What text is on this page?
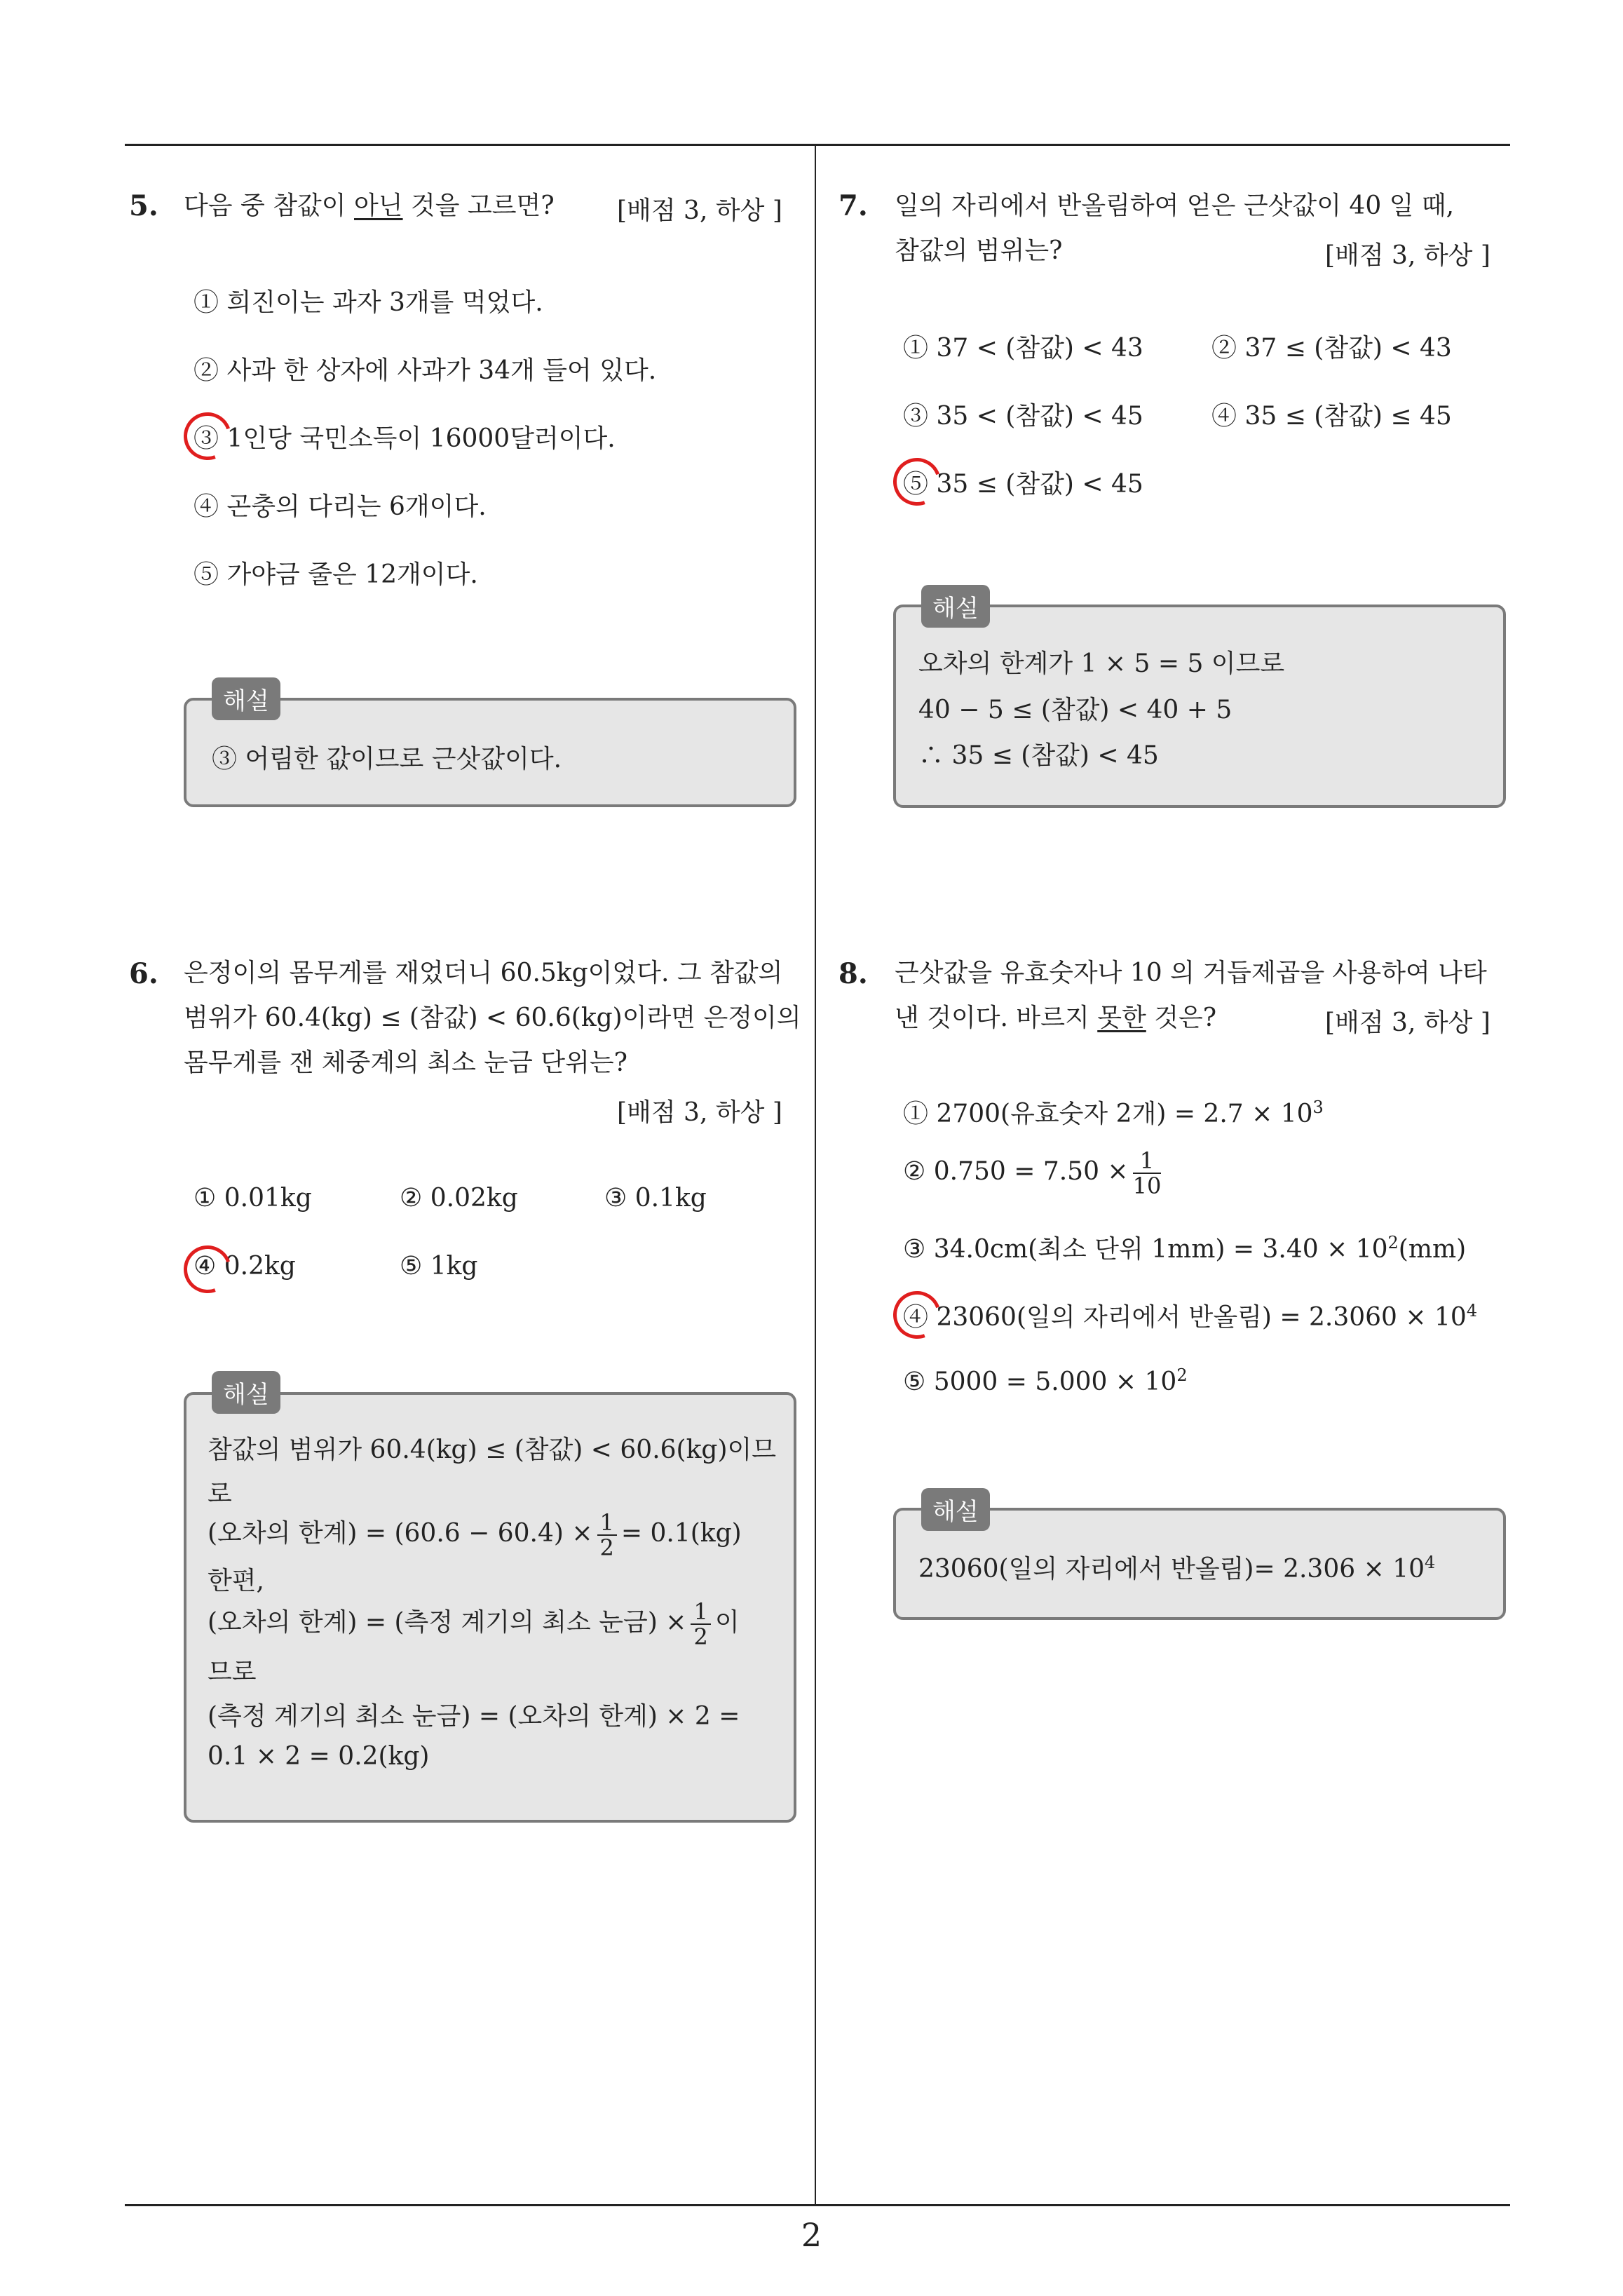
5. 다음 중 참값이 아닌 것을 고르면? [배점 3, 하상 ]
① 희진이는 과자 3개를 먹었다.
② 사과 한 상자에 사과가 34개 들어 있다.
③ 1인당 국민소득이 16000달러이다.
④ 곤충의 다리는 6개이다.
⑤ 가야금 줄은 12개이다.
③ 어림한 값이므로 근삿값이다.
해설
6. 은정이의 몸무게를 재었더니 60.5kg이었다. 그 참값의
범위가 60.4(kg) ≤ (참값) < 60.6(kg)이라면 은정이의
몸무게를 잰 체중계의 최소 눈금 단위는?
[배점 3, 하상 ]
① 0.01kg	② 0.02kg	③ 0.1kg
④ 0.2kg	⑤ 1kg
참값의 범위가 60.4(kg) ≤ (참값) < 60.6(kg)이므
로
(오차의 한계) = $(60.6 - 60.4) \times \frac{1}{2} = 0.1(kg)$
한편,
(오차의 한계) = (측정 계기의 최소 눈금) × $\frac{1}{2}$ 이
므로
(측정 계기의 최소 눈금) = (오차의 한계) × 2 =
0.1 × 2 = 0.2(kg)
해설
7. 일의 자리에서 반올림하여 얻은 근삿값이 40 일 때,
참값의 범위는?	[배점 3, 하상 ]
① 37 < (참값) < 43	② 37 ≤ (참값) < 43
③ 35 < (참값) < 45	④ 35 ≤ (참값) ≤ 45
⑤ 35 ≤ (참값) < 45
오차의 한계가 1 × 5 = 5 이므로
40 − 5 ≤ (참값) < 40 + 5
∴ 35 ≤ (참값) < 45
해설
8. 근삿값을 유효숫자나 10 의 거듭제곱을 사용하여 나타
낸 것이다. 바르지 못한 것은?	[배점 3, 하상 ]
① 2700(유효숫자 2개) = $2.7 \times 10^3$
② $0.750 = 7.50 \times \frac{1}{10}$
③ 34.0cm(최소 단위 $1mm) = 3.40 \times 10^2(mm)$
④ 23060(일의 자리에서 반올림) = $2.3060 \times 10^4$
⑤ $5000 = 5.000 \times 10^2$
23060(일의 자리에서 반올림)= $2.306 \times 10^4$
해설
2
